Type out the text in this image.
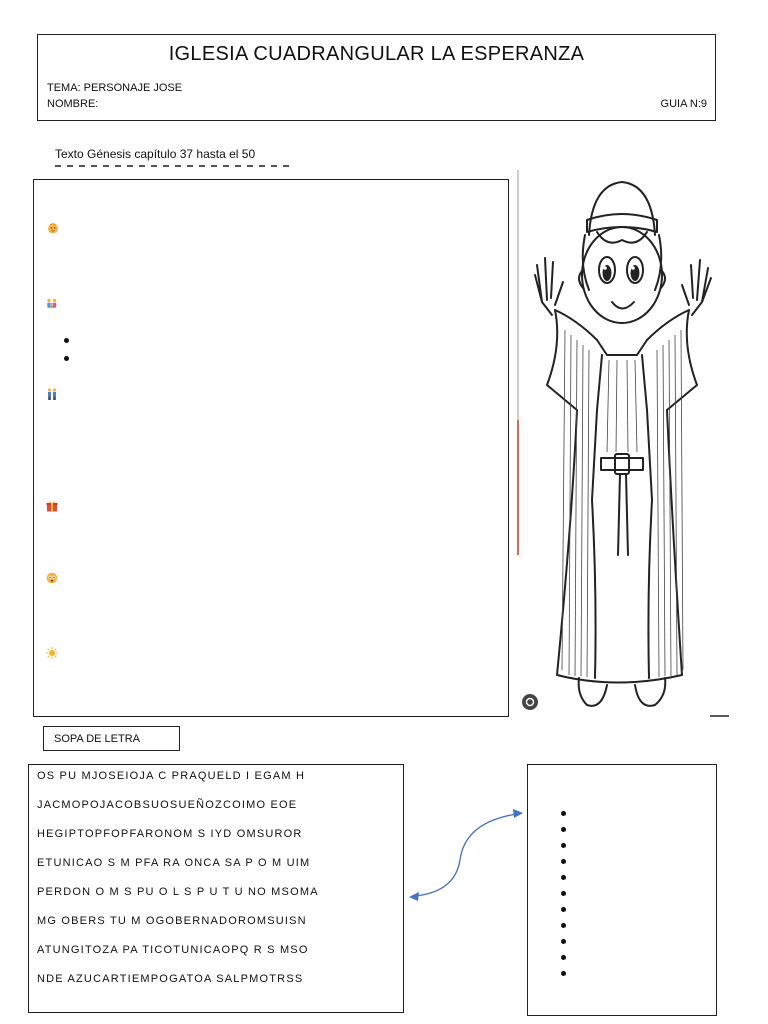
IGLESIA CUADRANGULAR LA ESPERANZA
TEMA: PERSONAJE JOSE
NOMBRE:	GUIA N:9
Texto Génesis capítulo 37 hasta el 50
SOPA DE LETRA
OS PU MJOSEIOJA C PRAQUELD I EGAM H
JACMOPOJACOBSUOSUEÑOZCOIMO EOE
HEGIPTOPFOPFARONOM S IYD OMSUROR
ETUNICAO S M PFA RA ONCA SA P O M UIM
PERDON O M S PU O L S P U T U NO MSOMA
MG OBERS TU M OGOBERNADOROMSUISN
ATUNGITOZA PA TICOTUNICAOPQ R S MSO
NDE AZUCARTIEMPOGATOA SALPMOTRSS
